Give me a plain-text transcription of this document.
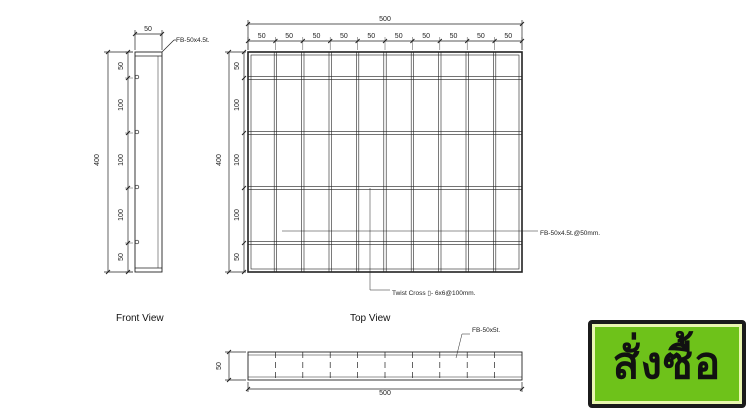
50
FB-50x4.5t.
400
50
100
100
100
50
Front View
500
50	50	50	50	50	50	50	50	50	50
400
50
100
100
100
50
FB-50x4.5t.@50mm.
Twist Cross ▯- 6x6@100mm.
Top View
FB-50x5t.
50
500
สั่งซื้อ
